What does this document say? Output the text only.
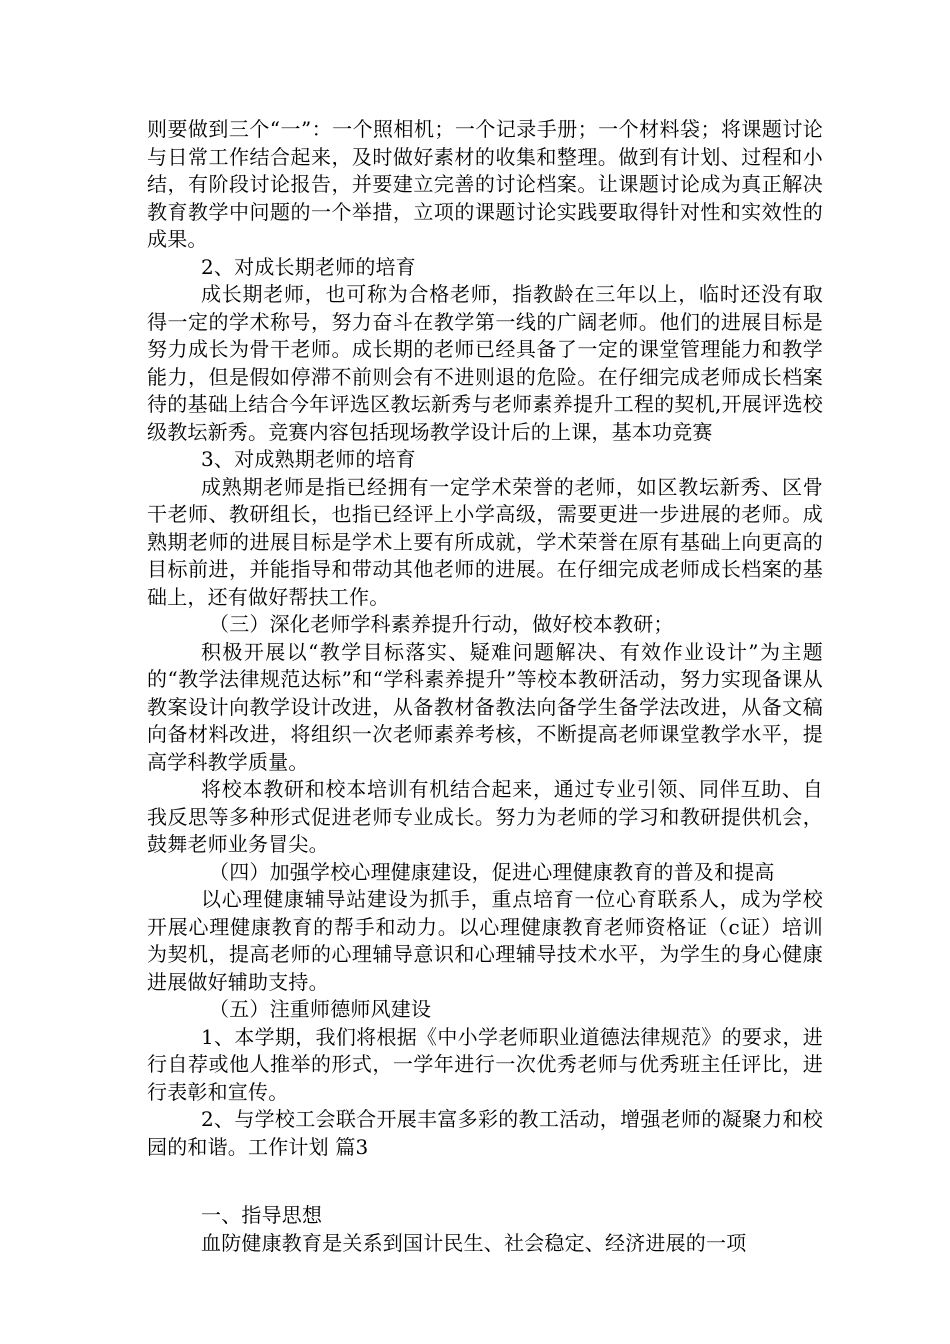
则要做到三个“一”：一个照相机；一个记录手册；一个材料袋；将课题讨论与日常工作结合起来，及时做好素材的收集和整理。做到有计划、过程和小结，有阶段讨论报告，并要建立完善的讨论档案。让课题讨论成为真正解决教育教学中问题的一个举措，立项的课题讨论实践要取得针对性和实效性的成果。

2、对成长期老师的培育

成长期老师，也可称为合格老师，指教龄在三年以上，临时还没有取得一定的学术称号，努力奋斗在教学第一线的广阔老师。他们的进展目标是努力成长为骨干老师。成长期的老师已经具备了一定的课堂管理能力和教学能力，但是假如停滞不前则会有不进则退的危险。在仔细完成老师成长档案待的基础上结合今年评选区教坛新秀与老师素养提升工程的契机,开展评选校级教坛新秀。竞赛内容包括现场教学设计后的上课，基本功竞赛

3、对成熟期老师的培育

成熟期老师是指已经拥有一定学术荣誉的老师，如区教坛新秀、区骨干老师、教研组长，也指已经评上小学高级，需要更进一步进展的老师。成熟期老师的进展目标是学术上要有所成就，学术荣誉在原有基础上向更高的目标前进，并能指导和带动其他老师的进展。在仔细完成老师成长档案的基础上，还有做好帮扶工作。

（三）深化老师学科素养提升行动，做好校本教研；

积极开展以“教学目标落实、疑难问题解决、有效作业设计”为主题的“教学法律规范达标”和“学科素养提升”等校本教研活动，努力实现备课从教案设计向教学设计改进，从备教材备教法向备学生备学法改进，从备文稿向备材料改进，将组织一次老师素养考核，不断提高老师课堂教学水平，提高学科教学质量。

将校本教研和校本培训有机结合起来，通过专业引领、同伴互助、自我反思等多种形式促进老师专业成长。努力为老师的学习和教研提供机会，鼓舞老师业务冒尖。

（四）加强学校心理健康建设，促进心理健康教育的普及和提高

以心理健康辅导站建设为抓手，重点培育一位心育联系人，成为学校开展心理健康教育的帮手和动力。以心理健康教育老师资格证（c证）培训为契机，提高老师的心理辅导意识和心理辅导技术水平，为学生的身心健康进展做好辅助支持。

（五）注重师德师风建设

1、本学期，我们将根据《中小学老师职业道德法律规范》的要求，进行自荐或他人推举的形式，一学年进行一次优秀老师与优秀班主任评比，进行表彰和宣传。

2、与学校工会联合开展丰富多彩的教工活动，增强老师的凝聚力和校园的和谐。工作计划 篇3

一、指导思想

血防健康教育是关系到国计民生、社会稳定、经济进展的一项
